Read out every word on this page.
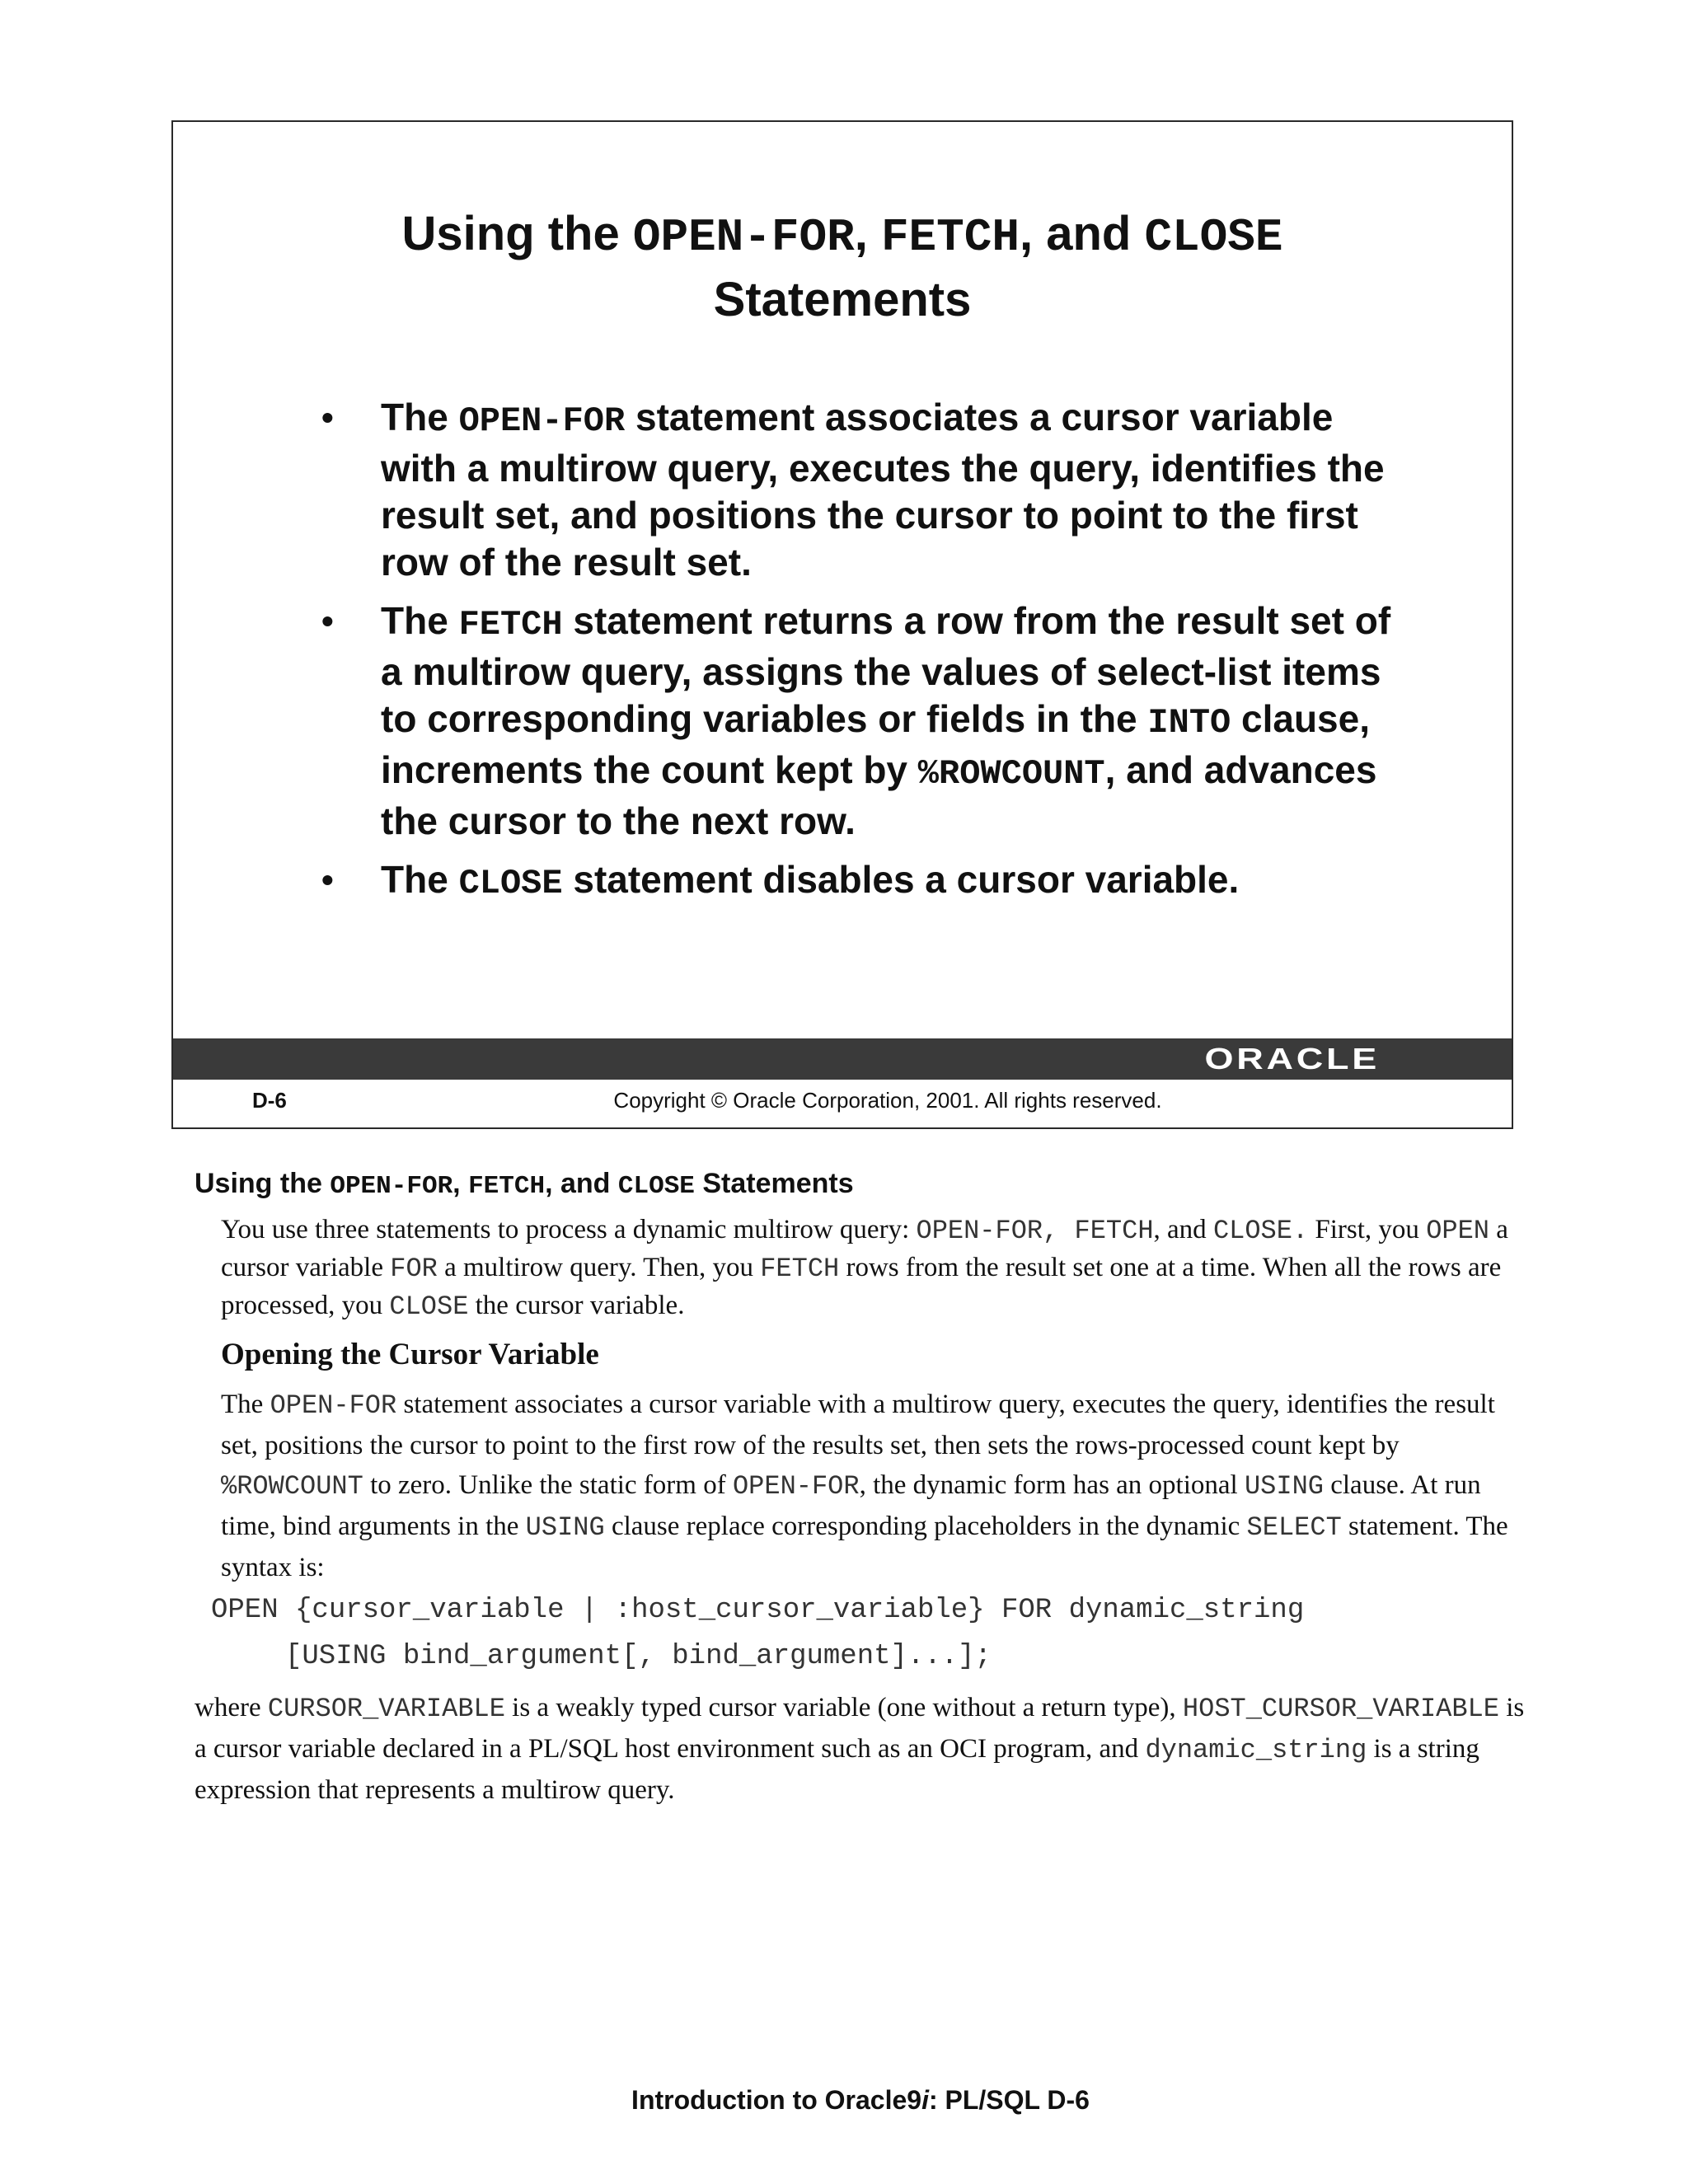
Using the OPEN-FOR, FETCH, and CLOSE
Statements
• The OPEN-FOR statement associates a cursor variable with a multirow query, executes the query, identifies the result set, and positions the cursor to point to the first row of the result set.
• The FETCH statement returns a row from the result set of a multirow query, assigns the values of select-list items to corresponding variables or fields in the INTO clause, increments the count kept by %ROWCOUNT, and advances the cursor to the next row.
• The CLOSE statement disables a cursor variable.
ORACLE
Copyright © Oracle Corporation, 2001. All rights reserved.
D-6
Using the OPEN-FOR, FETCH, and CLOSE Statements

You use three statements to process a dynamic multirow query: OPEN-FOR, FETCH, and CLOSE. First, you OPEN a cursor variable FOR a multirow query. Then, you FETCH rows from the result set one at a time. When all the rows are processed, you CLOSE the cursor variable.

Opening the Cursor Variable

The OPEN-FOR statement associates a cursor variable with a multirow query, executes the query, identifies the result set, positions the cursor to point to the first row of the results set, then sets the rows-processed count kept by %ROWCOUNT to zero. Unlike the static form of OPEN-FOR, the dynamic form has an optional USING clause. At run time, bind arguments in the USING clause replace corresponding placeholders in the dynamic SELECT statement. The syntax is:

OPEN {cursor_variable | :host_cursor_variable} FOR dynamic_string
[USING bind_argument[, bind_argument]...];

where CURSOR_VARIABLE is a weakly typed cursor variable (one without a return type), HOST_CURSOR_VARIABLE is a cursor variable declared in a PL/SQL host environment such as an OCI program, and dynamic_string is a string expression that represents a multirow query.

Introduction to Oracle9i: PL/SQL D-6
